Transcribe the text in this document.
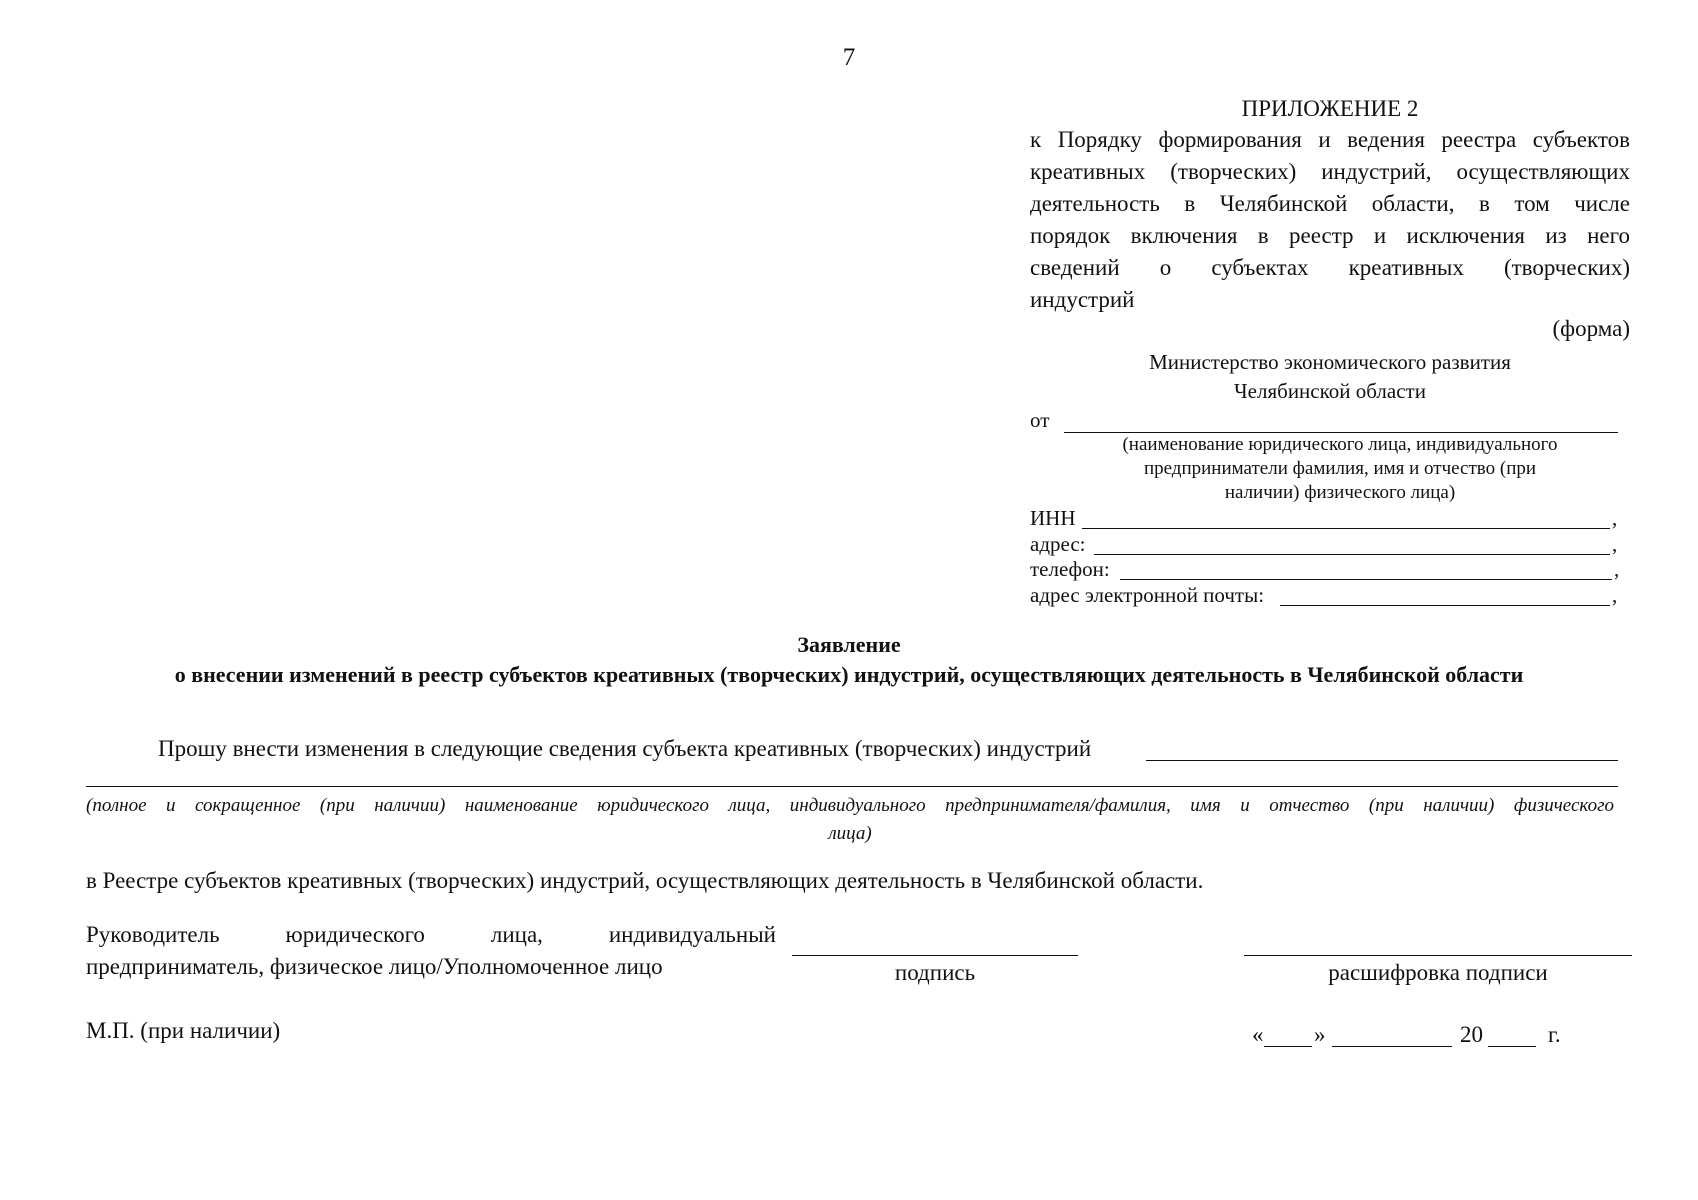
7
ПРИЛОЖЕНИЕ 2
к Порядку формирования и ведения реестра субъектов
креативных (творческих) индустрий, осуществляющих
деятельность в Челябинской области, в том числе
порядок включения в реестр и исключения из него
сведений о субъектах креативных (творческих)
индустрий
(форма)
Министерство экономического развития
Челябинской области
от
(наименование юридического лица, индивидуального
предприниматели фамилия, имя и отчество (при
наличии) физического лица)
ИНН	,
адрес:	,
телефон:	,
адрес электронной почты:	,
Заявление
о внесении изменений в реестр субъектов креативных (творческих) индустрий, осуществляющих деятельность в Челябинской области
Прошу внести изменения в следующие сведения субъекта креативных (творческих) индустрий
(полное и сокращенное (при наличии) наименование юридического лица, индивидуального предпринимателя/фамилия, имя и отчество (при наличии) физического
лица)
в Реестре субъектов креативных (творческих) индустрий, осуществляющих деятельность в Челябинской области.
Руководитель юридического лица, индивидуальный
предприниматель, физическое лицо/Уполномоченное лицо	подпись	расшифровка подписи
М.П. (при наличии)	« »	20	г.
